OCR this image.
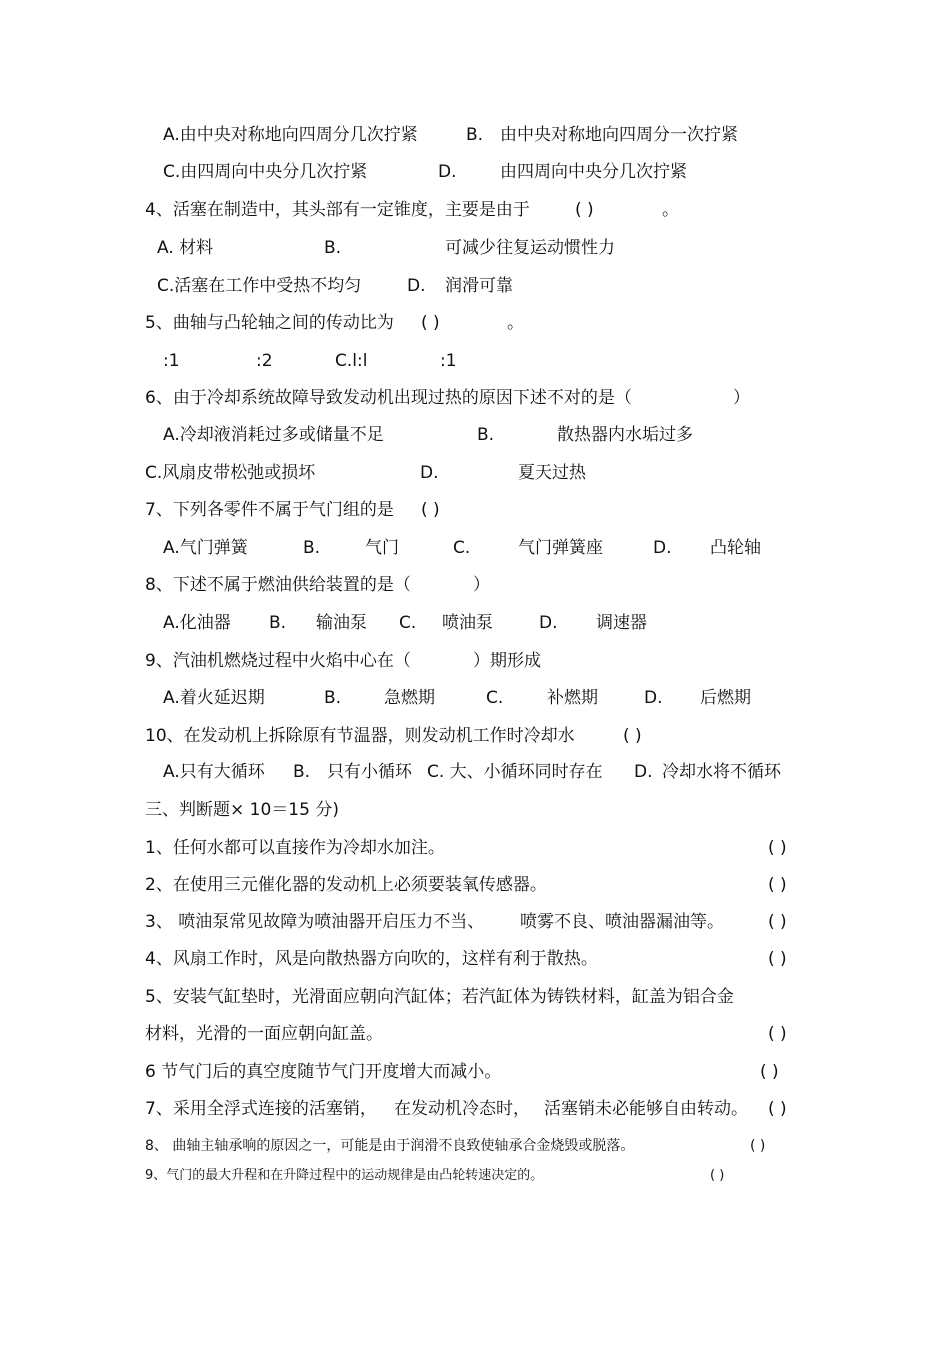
A.由中央对称地向四周分几次拧紧	B. 由中央对称地向四周分一次拧紧
C.由四周向中央分几次拧紧	D.	由四周向中央分几次拧紧
4、活塞在制造中，其头部有一定锥度，主要是由于	( )	。
A. 材料	B.	可减少往复运动惯性力
C.活塞在工作中受热不均匀	D. 润滑可靠
5、曲轴与凸轮轴之间的传动比为 ( )	。
:1	:2	C.l:l	:1
6、由于冷却系统故障导致发动机出现过热的原因下述不对的是（	）
A.冷却液消耗过多或储量不足	B.	散热器内水垢过多
C.风扇皮带松弛或损坏	D.	夏天过热
7、下列各零件不属于气门组的是 ( )
A.气门弹簧	B.	气门	C.	气门弹簧座	D. 凸轮轴
8、下述不属于燃油供给装置的是（	）
A.化油器 B. 输油泵 C. 喷油泵	D. 调速器
9、汽油机燃烧过程中火焰中心在（	）期形成
A.着火延迟期	B.	急燃期	C.	补燃期	D. 后燃期
10、在发动机上拆除原有节温器，则发动机工作时冷却水	( )
A.只有大循环 B. 只有小循环 C. 大、小循环同时存在 D. 冷却水将不循环
三、判断题× 10＝15 分)
1、任何水都可以直接作为冷却水加注。	( )
2、在使用三元催化器的发动机上必须要装氧传感器。	( )
3、 喷油泵常见故障为喷油器开启压力不当、 喷雾不良、喷油器漏油等。	( )
4、风扇工作时，风是向散热器方向吹的，这样有利于散热。	( )
5、安装气缸垫时，光滑面应朝向汽缸体；若汽缸体为铸铁材料，缸盖为铝合金
材料，光滑的一面应朝向缸盖。	( )
6 节气门后的真空度随节气门开度增大而减小。	( )
7、采用全浮式连接的活塞销， 在发动机冷态时， 活塞销未必能够自由转动。 ( )
8、 曲轴主轴承响的原因之一，可能是由于润滑不良致使轴承合金烧毁或脱落。	( )
9、气门的最大升程和在升降过程中的运动规律是由凸轮转速决定的。	( )
